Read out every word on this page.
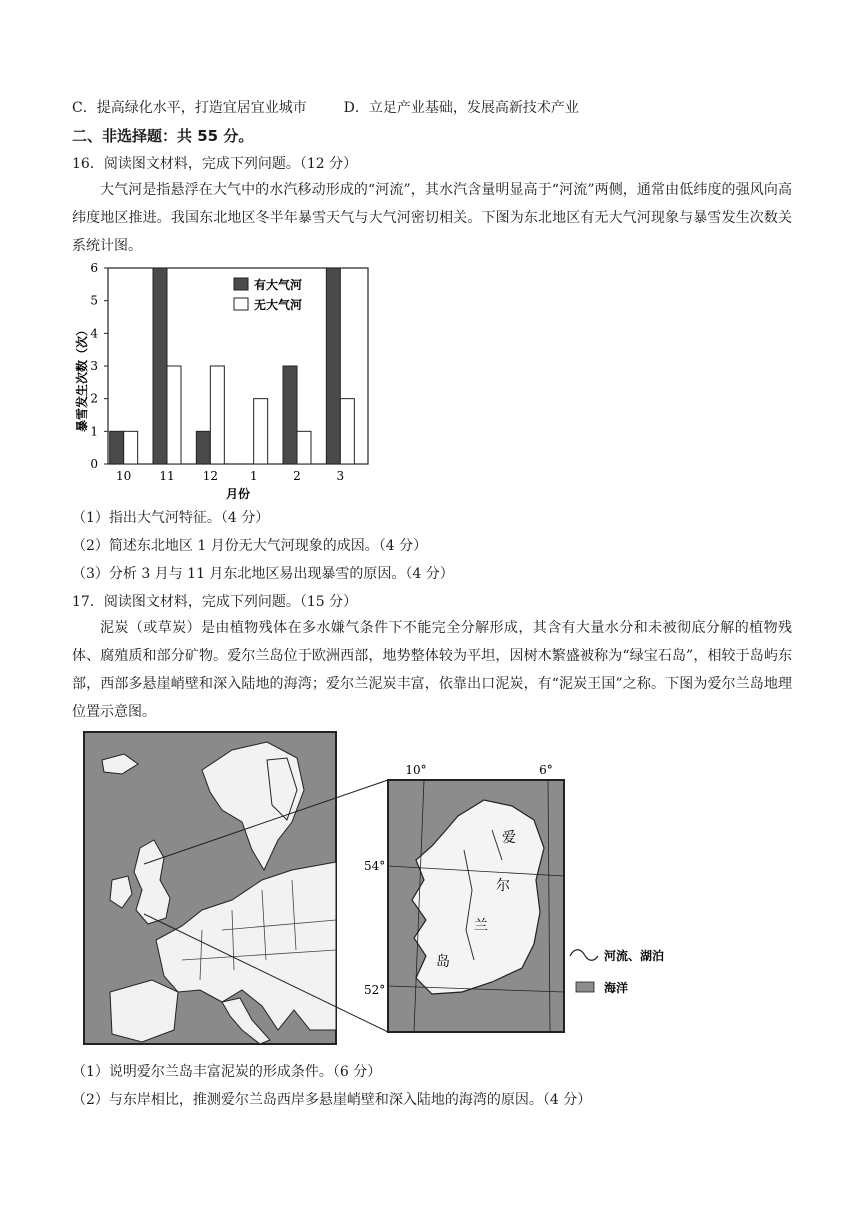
C．提高绿化水平，打造宜居宜业城市	D．立足产业基础，发展高新技术产业
二、非选择题：共 55 分。
16．阅读图文材料，完成下列问题。（12 分）
大气河是指悬浮在大气中的水汽移动形成的“河流”，其水汽含量明显高于“河流”两侧，通常由低纬度的强风向高纬度地区推进。我国东北地区冬半年暴雪天气与大气河密切相关。下图为东北地区有无大气河现象与暴雪发生次数关系统计图。
暴雪发生次数（次）
月份
0
1
2
3
4
5
6
10 11 12	1	2	3
有大气河
无大气河
（1）指出大气河特征。（4 分）
（2）简述东北地区 1 月份无大气河现象的成因。（4 分）
（3）分析 3 月与 11 月东北地区易出现暴雪的原因。（4 分）
17．阅读图文材料，完成下列问题。（15 分）
泥炭（或草炭）是由植物残体在多水嫌气条件下不能完全分解形成，其含有大量水分和未被彻底分解的植物残体、腐殖质和部分矿物。爱尔兰岛位于欧洲西部，地势整体较为平坦，因树木繁盛被称为“绿宝石岛”，相较于岛屿东部，西部多悬崖峭壁和深入陆地的海湾；爱尔兰泥炭丰富，依靠出口泥炭，有“泥炭王国”之称。下图为爱尔兰岛地理位置示意图。
爱
尔
兰
岛
10°	6°
54°
52°
河流、湖泊
海洋
（1）说明爱尔兰岛丰富泥炭的形成条件。（6 分）
（2）与东岸相比，推测爱尔兰岛西岸多悬崖峭壁和深入陆地的海湾的原因。（4 分）
